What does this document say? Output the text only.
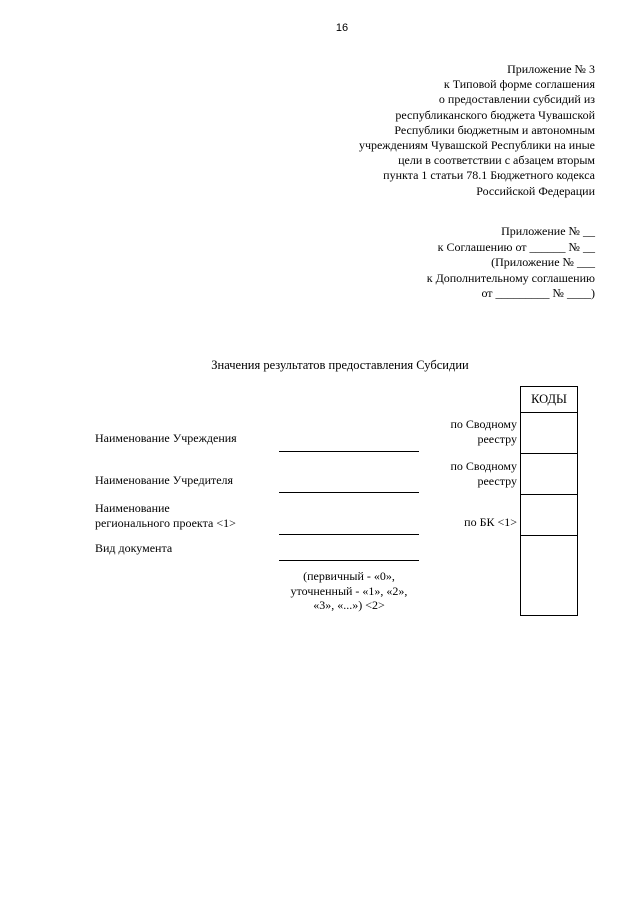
16
Приложение № 3
к Типовой форме соглашения
о предоставлении субсидий из
республиканского бюджета Чувашской
Республики бюджетным и автономным
учреждениям Чувашской Республики на иные
цели в соответствии с абзацем вторым
пункта 1 статьи 78.1 Бюджетного кодекса
Российской Федерации
Приложение № __
к Соглашению от ______ № __
(Приложение № ___
к Дополнительному соглашению
от _________ № ____)
Значения результатов предоставления Субсидии
Наименование Учреждения
Наименование Учредителя
Наименование
регионального проекта <1>
Вид документа
(первичный - «0»,
уточненный - «1», «2»,
«3», «...») <2>
по Сводному
реестру
по Сводному
реестру
по БК <1>
КОДЫ
